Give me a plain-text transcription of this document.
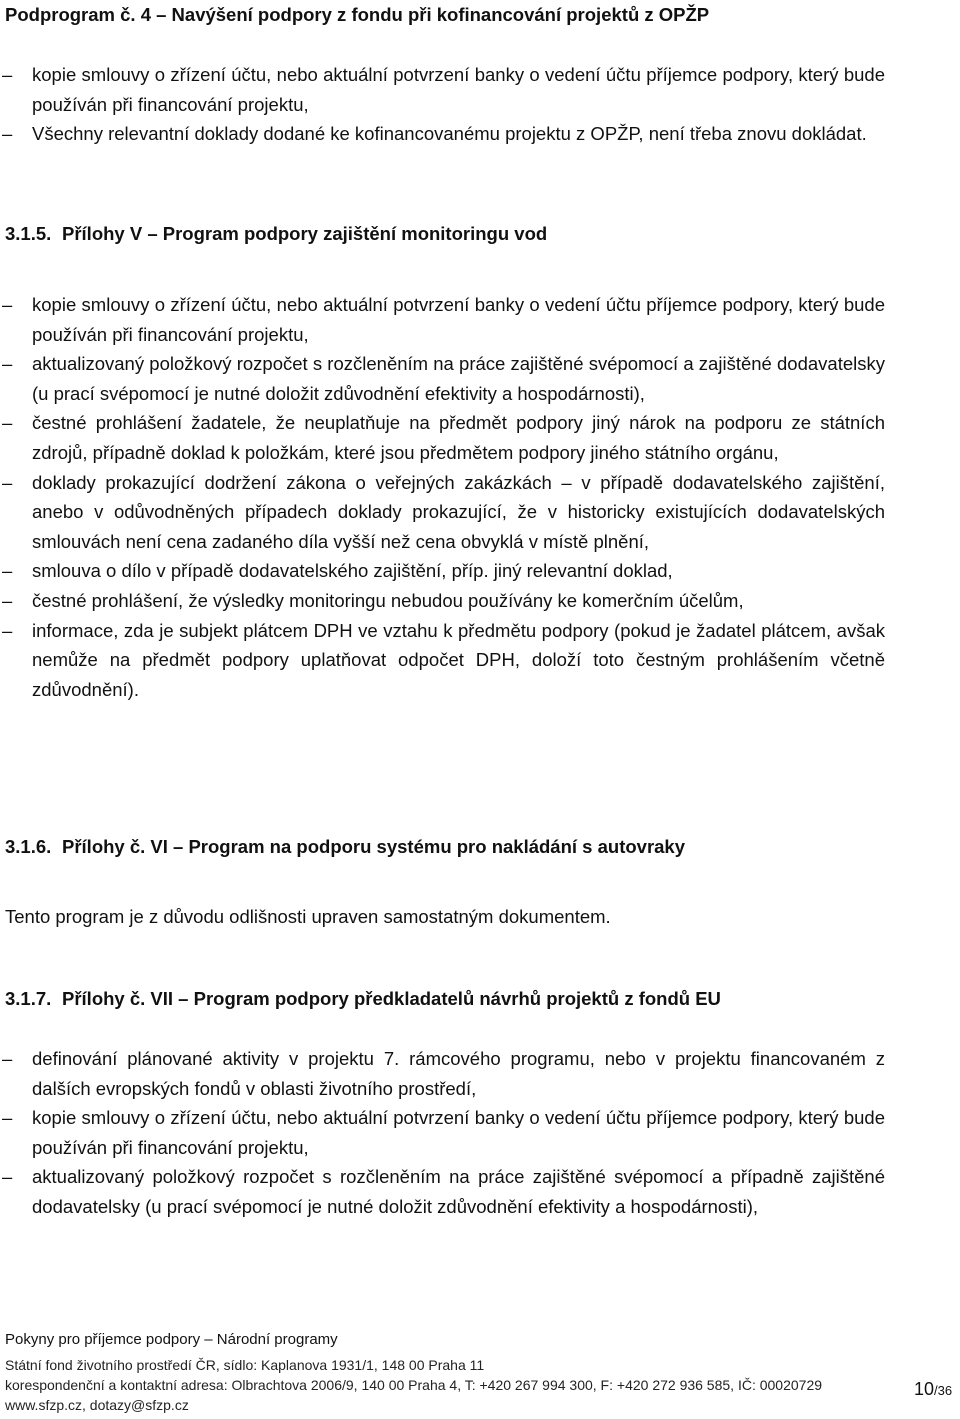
Podprogram č. 4 – Navýšení podpory z fondu při kofinancování projektů z OPŽP
– kopie smlouvy o zřízení účtu, nebo aktuální potvrzení banky o vedení účtu příjemce podpory, který bude používán při financování projektu,
– Všechny relevantní doklady dodané ke kofinancovanému projektu z OPŽP, není třeba znovu dokládat.
3.1.5. Přílohy V – Program podpory zajištění monitoringu vod
– kopie smlouvy o zřízení účtu, nebo aktuální potvrzení banky o vedení účtu příjemce podpory, který bude používán při financování projektu,
– aktualizovaný položkový rozpočet s rozčleněním na práce zajištěné svépomocí a zajištěné dodavatelsky (u prací svépomocí je nutné doložit zdůvodnění efektivity a hospodárnosti),
– čestné prohlášení žadatele, že neuplatňuje na předmět podpory jiný nárok na podporu ze státních zdrojů, případně doklad k položkám, které jsou předmětem podpory jiného státního orgánu,
– doklady prokazující dodržení zákona o veřejných zakázkách – v případě dodavatelského zajištění, anebo v odůvodněných případech doklady prokazující, že v historicky existujících dodavatelských smlouvách není cena zadaného díla vyšší než cena obvyklá v místě plnění,
– smlouva o dílo v případě dodavatelského zajištění, příp. jiný relevantní doklad,
– čestné prohlášení, že výsledky monitoringu nebudou používány ke komerčním účelům,
– informace, zda je subjekt plátcem DPH ve vztahu k předmětu podpory (pokud je žadatel plátcem, avšak nemůže na předmět podpory uplatňovat odpočet DPH, doloží toto čestným prohlášením včetně zdůvodnění).
3.1.6. Přílohy č. VI – Program na podporu systému pro nakládání s autovraky
Tento program je z důvodu odlišnosti upraven samostatným dokumentem.
3.1.7. Přílohy č. VII – Program podpory předkladatelů návrhů projektů z fondů EU
– definování plánované aktivity v projektu 7. rámcového programu, nebo v projektu financovaném z dalších evropských fondů v oblasti životního prostředí,
– kopie smlouvy o zřízení účtu, nebo aktuální potvrzení banky o vedení účtu příjemce podpory, který bude používán při financování projektu,
– aktualizovaný položkový rozpočet s rozčleněním na práce zajištěné svépomocí a případně zajištěné dodavatelsky (u prací svépomocí je nutné doložit zdůvodnění efektivity a hospodárnosti),
Pokyny pro příjemce podpory – Národní programy
Státní fond životního prostředí ČR, sídlo: Kaplanova 1931/1, 148 00 Praha 11
korespondenční a kontaktní adresa: Olbrachtova 2006/9, 140 00 Praha 4, T: +420 267 994 300, F: +420 272 936 585, IČ: 00020729
www.sfzp.cz, dotazy@sfzp.cz
10/36
